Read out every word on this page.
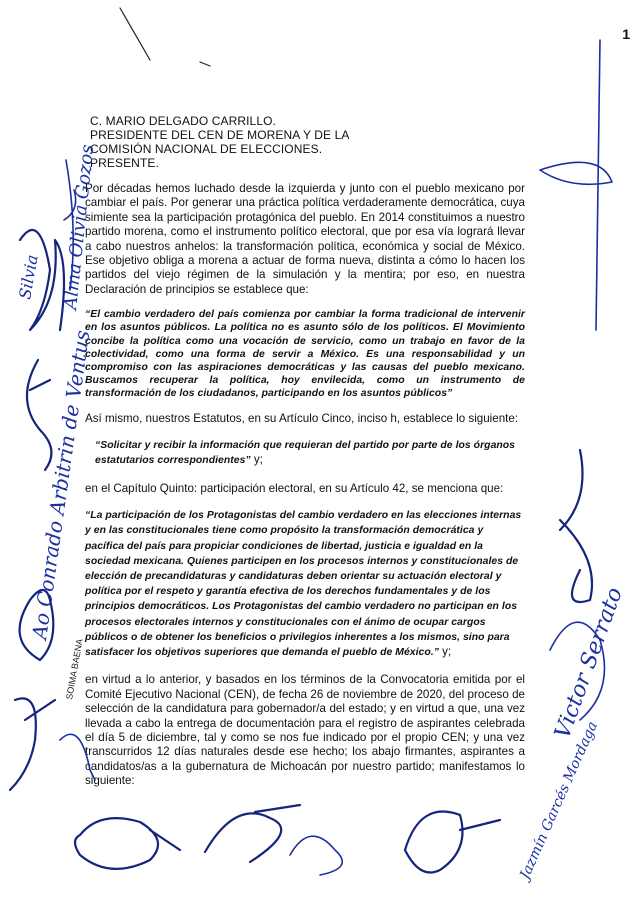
1
C. MARIO DELGADO CARRILLO.
PRESIDENTE DEL CEN DE MORENA Y DE LA
COMISIÓN NACIONAL DE ELECCIONES.
PRESENTE.

Por décadas hemos luchado desde la izquierda y junto con el pueblo mexicano por cambiar el país. Por generar una práctica política verdaderamente democrática, cuya simiente sea la participación protagónica del pueblo. En 2014 constituimos a nuestro partido morena, como el instrumento político electoral, que por esa vía logrará llevar a cabo nuestros anhelos: la transformación política, económica y social de México. Ese objetivo obliga a morena a actuar de forma nueva, distinta a cómo lo hacen los partidos del viejo régimen de la simulación y la mentira; por eso, en nuestra Declaración de principios se establece que:

“El cambio verdadero del país comienza por cambiar la forma tradicional de intervenir en los asuntos públicos. La política no es asunto sólo de los políticos. El Movimiento concibe la política como una vocación de servicio, como un trabajo en favor de la colectividad, como una forma de servir a México. Es una responsabilidad y un compromiso con las aspiraciones democráticas y las causas del pueblo mexicano. Buscamos recuperar la política, hoy envilecida, como un instrumento de transformación de los ciudadanos, participando en los asuntos públicos”

Así mismo, nuestros Estatutos, en su Artículo Cinco, inciso h, establece lo siguiente:

“Solicitar y recibir la información que requieran del partido por parte de los órganos estatutarios correspondientes” y;

en el Capítulo Quinto: participación electoral, en su Artículo 42, se menciona que:

“La participación de los Protagonistas del cambio verdadero en las elecciones internas y en las constitucionales tiene como propósito la transformación democrática y pacífica del país para propiciar condiciones de libertad, justicia e igualdad en la sociedad mexicana. Quienes participen en los procesos internos y constitucionales de elección de precandidaturas y candidaturas deben orientar su actuación electoral y política por el respeto y garantía efectiva de los derechos fundamentales y de los principios democráticos. Los Protagonistas del cambio verdadero no participan en los procesos electorales internos y constitucionales con el ánimo de ocupar cargos públicos o de obtener los beneficios o privilegios inherentes a los mismos, sino para satisfacer los objetivos superiores que demanda el pueblo de México.” y;

en virtud a lo anterior, y basados en los términos de la Convocatoria emitida por el Comité Ejecutivo Nacional (CEN), de fecha 26 de noviembre de 2020, del proceso de selección de la candidatura para gobernador/a del estado; y en virtud a que, una vez llevada a cabo la entrega de documentación para el registro de aspirantes celebrada el día 5 de diciembre, tal y como se nos fue indicado por el propio CEN; y una vez transcurridos 12 días naturales desde ese hecho; los abajo firmantes, aspirantes a candidatos/as a la gubernatura de Michoacán por nuestro partido; manifestamos lo siguiente:

Ao Conrado Arbitrin de Ventus
Alma Olivia Gozos
Silvia
SOIMA BAENA	Victor Serrato
Jazmín Garcés Mordaga
